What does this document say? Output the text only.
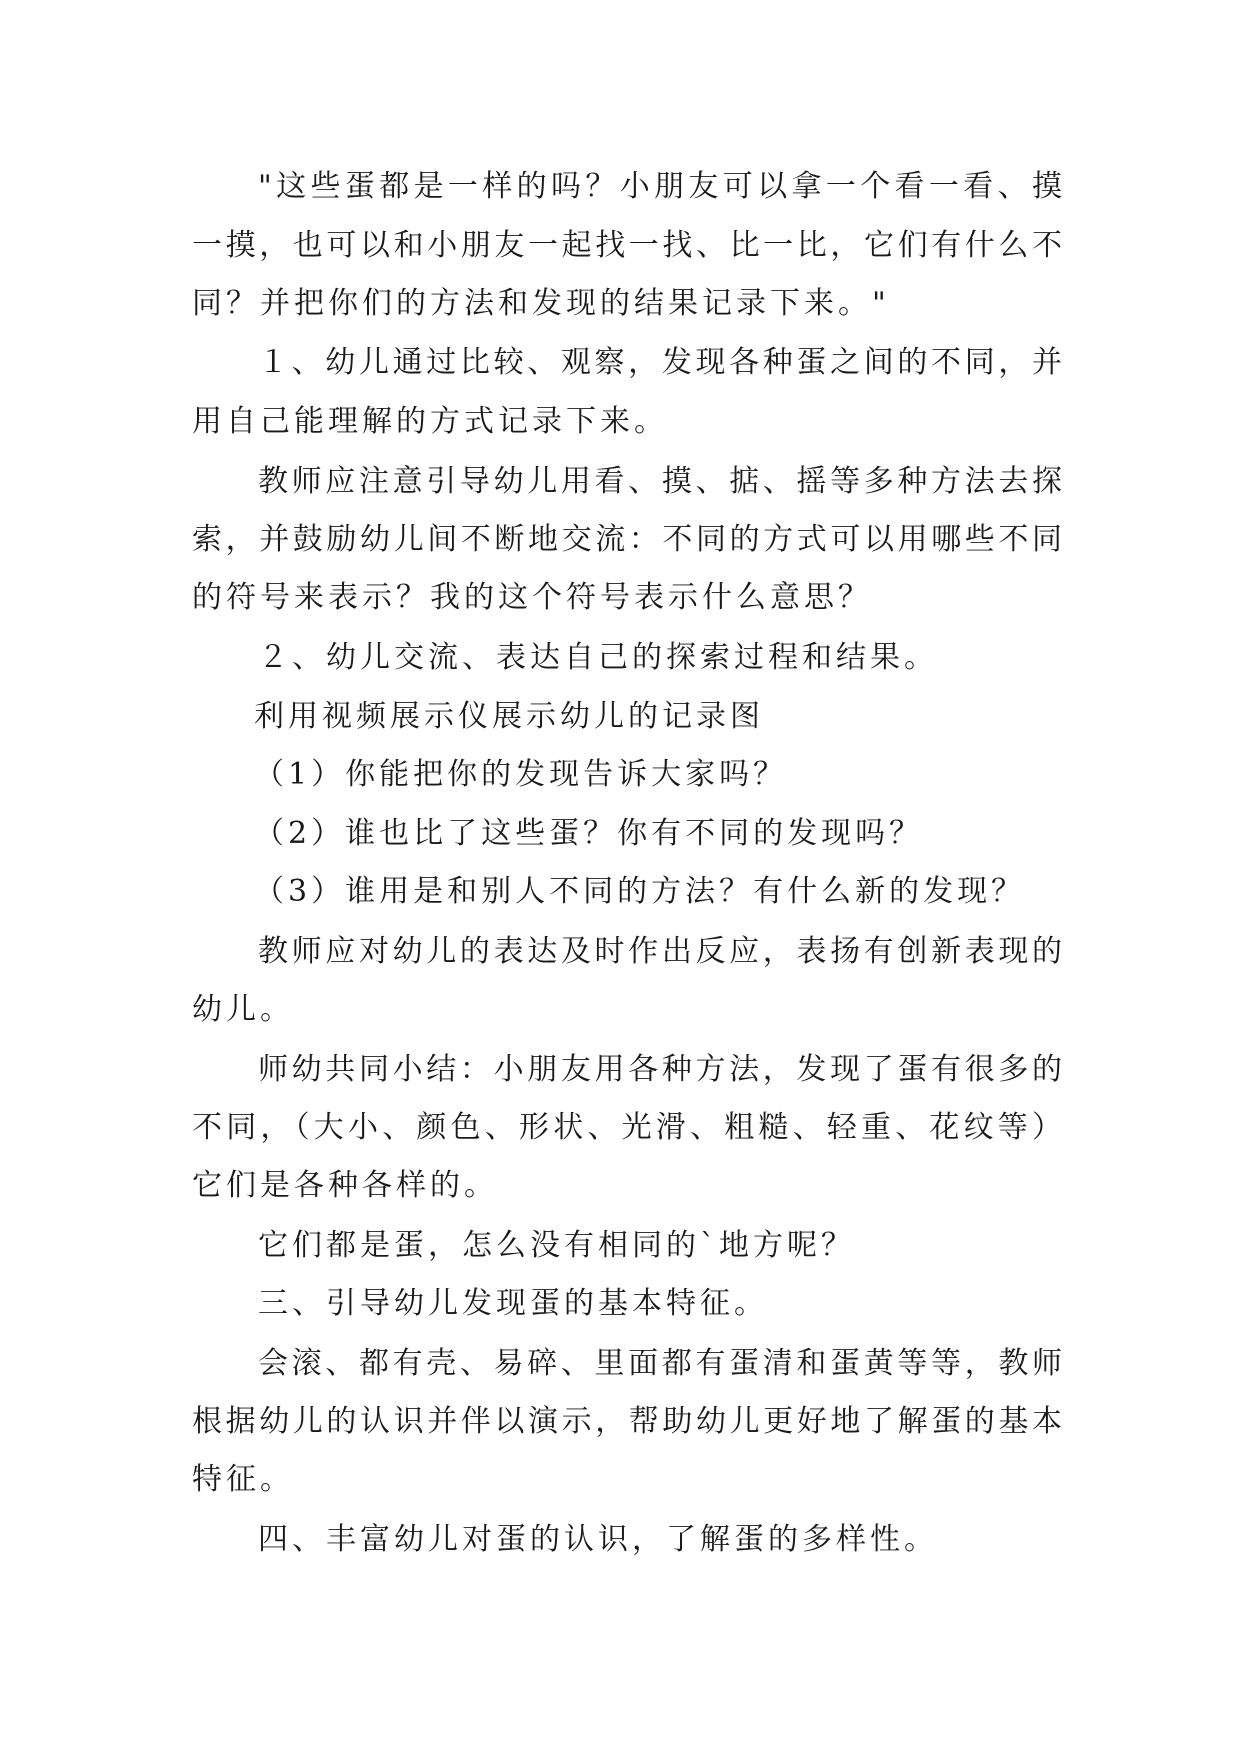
"这些蛋都是一样的吗？小朋友可以拿一个看一看、摸
一摸，也可以和小朋友一起找一找、比一比，它们有什么不
同？并把你们的方法和发现的结果记录下来。"
１、幼儿通过比较、观察，发现各种蛋之间的不同，并
用自己能理解的方式记录下来。
教师应注意引导幼儿用看、摸、掂、摇等多种方法去探
索，并鼓励幼儿间不断地交流：不同的方式可以用哪些不同
的符号来表示？我的这个符号表示什么意思？
２、幼儿交流、表达自己的探索过程和结果。
利用视频展示仪展示幼儿的记录图
（1）你能把你的发现告诉大家吗？
（2）谁也比了这些蛋？你有不同的发现吗？
（3）谁用是和别人不同的方法？有什么新的发现？
教师应对幼儿的表达及时作出反应，表扬有创新表现的
幼儿。
师幼共同小结：小朋友用各种方法，发现了蛋有很多的
不同，（大小、颜色、形状、光滑、粗糙、轻重、花纹等）
它们是各种各样的。
它们都是蛋，怎么没有相同的`地方呢？
三、引导幼儿发现蛋的基本特征。
会滚、都有壳、易碎、里面都有蛋清和蛋黄等等，教师
根据幼儿的认识并伴以演示，帮助幼儿更好地了解蛋的基本
特征。
四、丰富幼儿对蛋的认识，了解蛋的多样性。
